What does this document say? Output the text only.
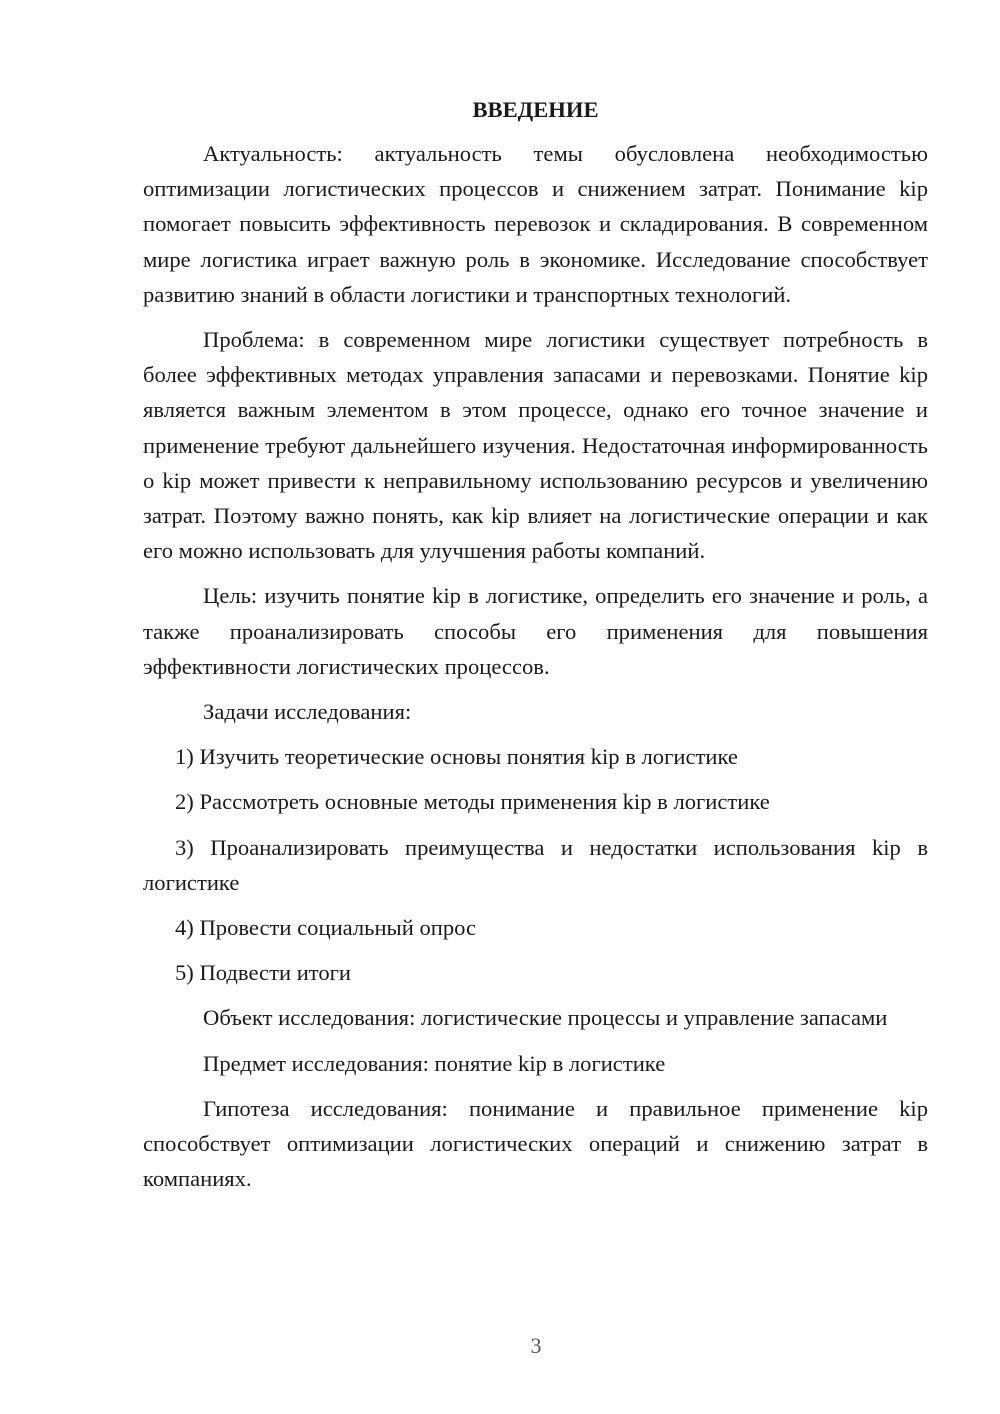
ВВЕДЕНИЕ

Актуальность: актуальность темы обусловлена необходимостью оптимизации логистических процессов и снижением затрат. Понимание kip помогает повысить эффективность перевозок и складирования. В современном мире логистика играет важную роль в экономике. Исследование способствует развитию знаний в области логистики и транспортных технологий.

Проблема: в современном мире логистики существует потребность в более эффективных методах управления запасами и перевозками. Понятие kip является важным элементом в этом процессе, однако его точное значение и применение требуют дальнейшего изучения. Недостаточная информированность о kip может привести к неправильному использованию ресурсов и увеличению затрат. Поэтому важно понять, как kip влияет на логистические операции и как его можно использовать для улучшения работы компаний.

Цель: изучить понятие kip в логистике, определить его значение и роль, а также проанализировать способы его применения для повышения эффективности логистических процессов.

Задачи исследования:

1) Изучить теоретические основы понятия kip в логистике

2) Рассмотреть основные методы применения kip в логистике

3) Проанализировать преимущества и недостатки использования kip в логистике

4) Провести социальный опрос

5) Подвести итоги

Объект исследования: логистические процессы и управление запасами

Предмет исследования: понятие kip в логистике

Гипотеза исследования: понимание и правильное применение kip способствует оптимизации логистических операций и снижению затрат в компаниях.

3
